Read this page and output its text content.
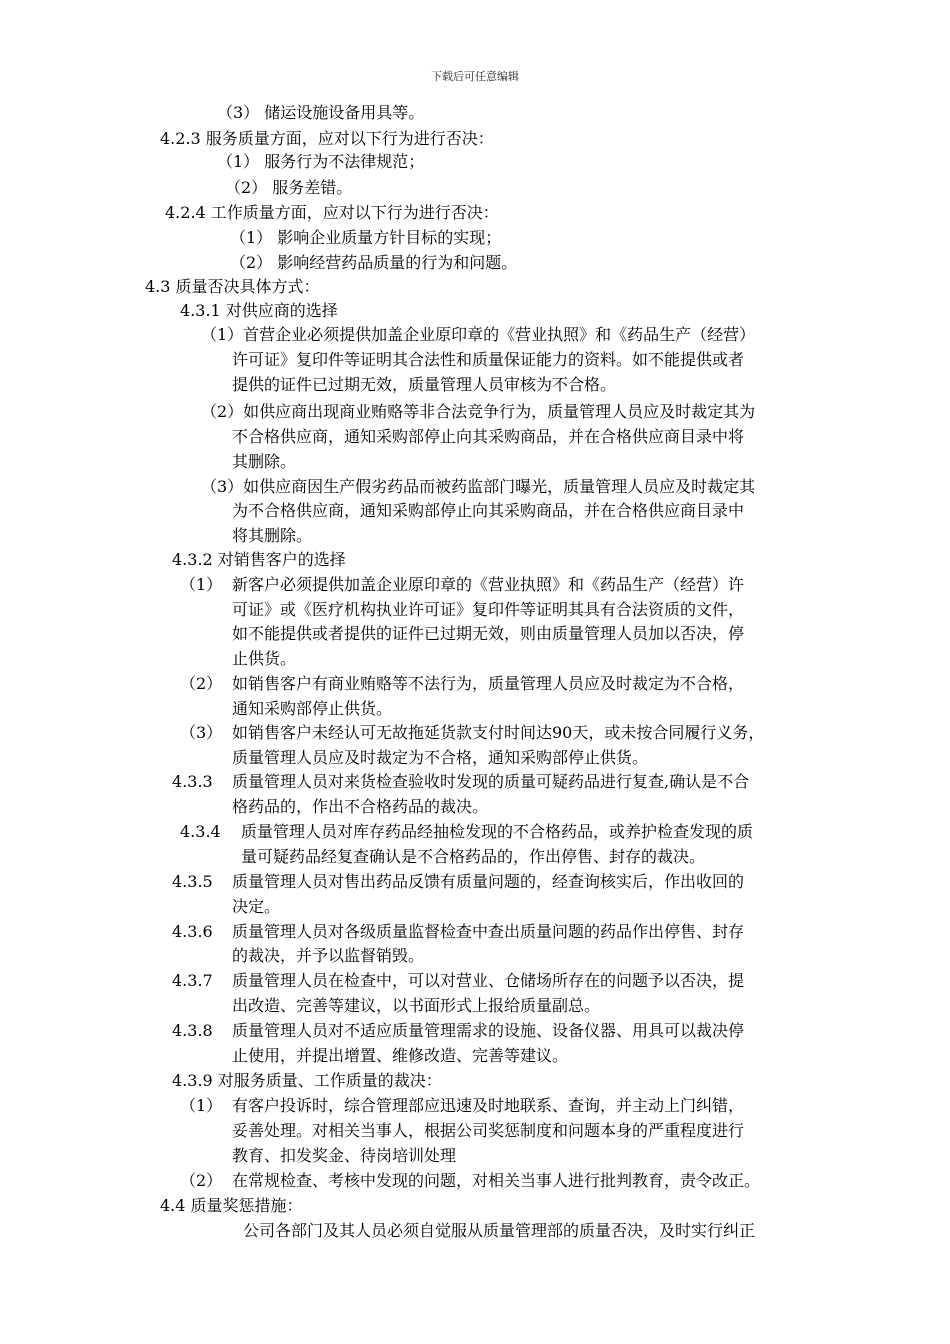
下载后可任意编辑
（3） 储运设施设备用具等。
4.2.3 服务质量方面，应对以下行为进行否决：
（1） 服务行为不法律规范；
（2） 服务差错。
4.2.4 工作质量方面，应对以下行为进行否决：
（1） 影响企业质量方针目标的实现；
（2） 影响经营药品质量的行为和问题。
4.3 质量否决具体方式：
4.3.1 对供应商的选择
（1）首营企业必须提供加盖企业原印章的《营业执照》和《药品生产（经营）
许可证》复印件等证明其合法性和质量保证能力的资料。如不能提供或者
提供的证件已过期无效，质量管理人员审核为不合格。
（2）如供应商出现商业贿赂等非合法竞争行为，质量管理人员应及时裁定其为
不合格供应商，通知采购部停止向其采购商品，并在合格供应商目录中将
其删除。
（3）如供应商因生产假劣药品而被药监部门曝光，质量管理人员应及时裁定其
为不合格供应商，通知采购部停止向其采购商品，并在合格供应商目录中
将其删除。
4.3.2 对销售客户的选择
（1） 新客户必须提供加盖企业原印章的《营业执照》和《药品生产（经营）许
可证》或《医疗机构执业许可证》复印件等证明其具有合法资质的文件，
如不能提供或者提供的证件已过期无效，则由质量管理人员加以否决，停
止供货。
（2） 如销售客户有商业贿赂等不法行为，质量管理人员应及时裁定为不合格，
通知采购部停止供货。
（3） 如销售客户未经认可无故拖延货款支付时间达90天，或未按合同履行义务，
质量管理人员应及时裁定为不合格，通知采购部停止供货。
4.3.3 质量管理人员对来货检查验收时发现的质量可疑药品进行复查,确认是不合
格药品的，作出不合格药品的裁决。
4.3.4 质量管理人员对库存药品经抽检发现的不合格药品，或养护检查发现的质
量可疑药品经复查确认是不合格药品的，作出停售、封存的裁决。
4.3.5 质量管理人员对售出药品反馈有质量问题的，经查询核实后，作出收回的
决定。
4.3.6 质量管理人员对各级质量监督检查中查出质量问题的药品作出停售、封存
的裁决，并予以监督销毁。
4.3.7 质量管理人员在检查中，可以对营业、仓储场所存在的问题予以否决，提
出改造、完善等建议，以书面形式上报给质量副总。
4.3.8 质量管理人员对不适应质量管理需求的设施、设备仪器、用具可以裁决停
止使用，并提出增置、维修改造、完善等建议。
4.3.9 对服务质量、工作质量的裁决：
（1） 有客户投诉时，综合管理部应迅速及时地联系、查询，并主动上门纠错，
妥善处理。对相关当事人，根据公司奖惩制度和问题本身的严重程度进行
教育、扣发奖金、待岗培训处理
（2） 在常规检查、考核中发现的问题，对相关当事人进行批判教育，责令改正。
4.4 质量奖惩措施：
公司各部门及其人员必须自觉服从质量管理部的质量否决，及时实行纠正
